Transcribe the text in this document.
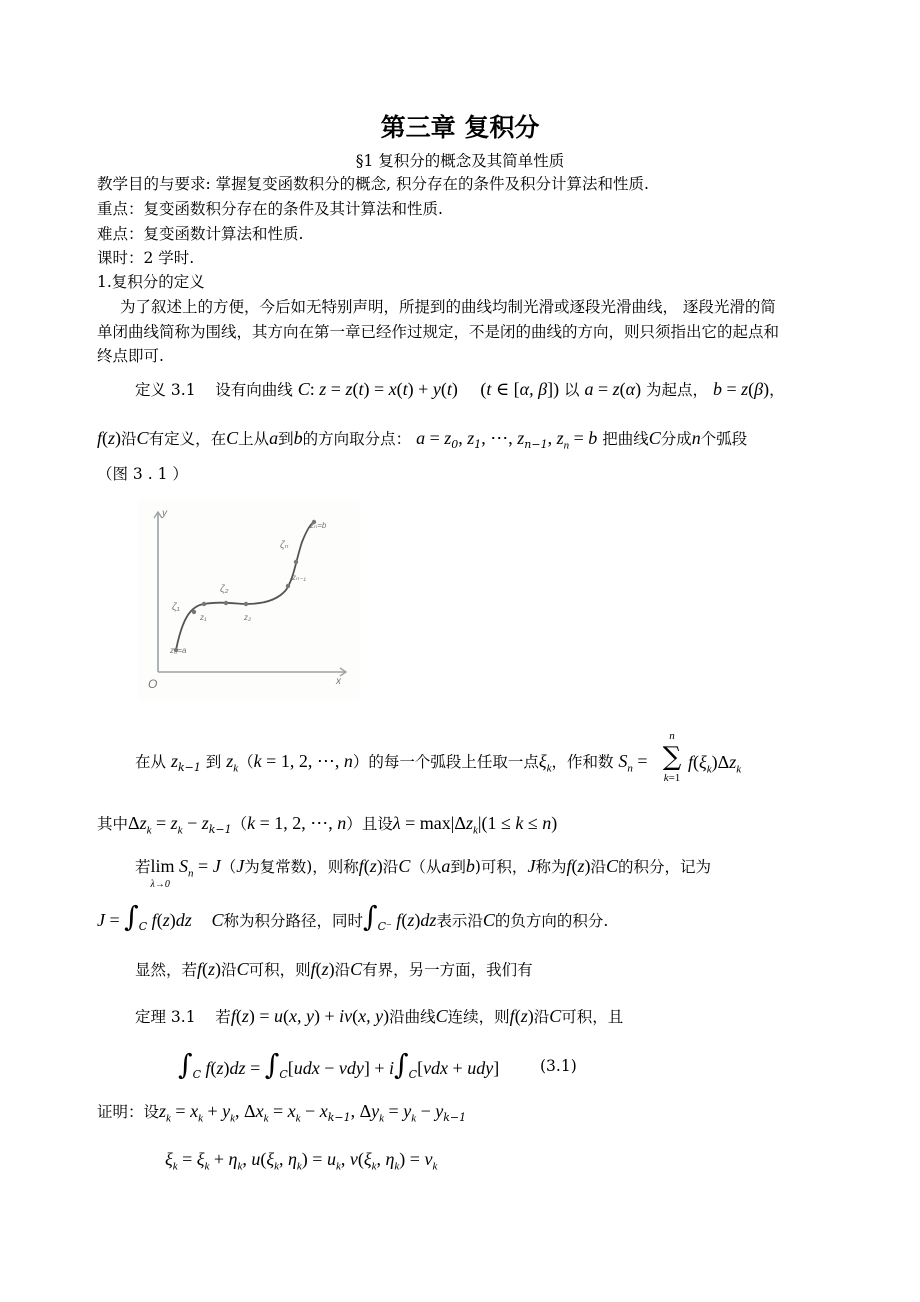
第三章 复积分
§1 复积分的概念及其简单性质
教学目的与要求: 掌握复变函数积分的概念, 积分存在的条件及积分计算法和性质.
重点：复变函数积分存在的条件及其计算法和性质.
难点：复变函数计算法和性质.
课时：2 学时.
1.复积分的定义
为了叙述上的方便，今后如无特别声明，所提到的曲线均制光滑或逐段光滑曲线， 逐段光滑的简
单闭曲线简称为围线，其方向在第一章已经作过规定，不是闭的曲线的方向，则只须指出它的起点和
终点即可.
定义 3.1 设有向曲线 C: z = z(t) = x(t) + y(t)     (t ∈ [α, β]) 以 a = z(α) 为起点， b = z(β)，
f(z)沿C有定义，在C上从a到b的方向取分点： $a = z_0$, $z_1$, ⋯, $z_{n-1}$, $z_n = b$ 把曲线C分成n个弧段
（图 3 . 1 ）
y
x
O
z₀=a
ζ₁
z₁
ζ₂
z₂
zₙ₋₁
ζₙ
zₙ=b
在从 $z_{k-1}$ 到 $z_k(k = 1$, 2, ⋯, n）的每一个弧段上任取一点$\xi_k$，作和数 $S_n$ =
n
∑
k=1
$f(\xi_k)\Delta z_k$
其中$\Delta z_k = z_k - z_{k-1}(k = 1$, 2, ⋯, n）且设$\lambda = \max|\Delta z_k|(1 \le k \le n)$
若lim
λ→0
$S_n = J(J$为复常数)，则称f(z)沿C（从a到b)可积，J称为f(z)沿C的积分，记为
$J = \int_C$ f(z)dz C称为积分路径，同时$\int_{C^-}$ f(z)dz表示沿C的负方向的积分.
显然，若f(z)沿C可积，则f(z)沿C有界，另一方面，我们有
定理 3.1 若f(z) = u(x, y) + iv(x, y)沿曲线C连续，则f(z)沿C可积，且
$\int_C$ $f(z)dz = \int_C[udx - vdy] + i\int_C[vdx + udy]$	(3.1)
证明：设$z_k = x_k + y_k$, $\Delta x_k = x_k - x_{k-1}$, $\Delta y_k = y_k - y_{k-1}$
$\xi_k = \xi_k + \eta_k$, $u(\xi_k$, $\eta_k) = u_k$, $v(\xi_k$, $\eta_k) = v_k$
